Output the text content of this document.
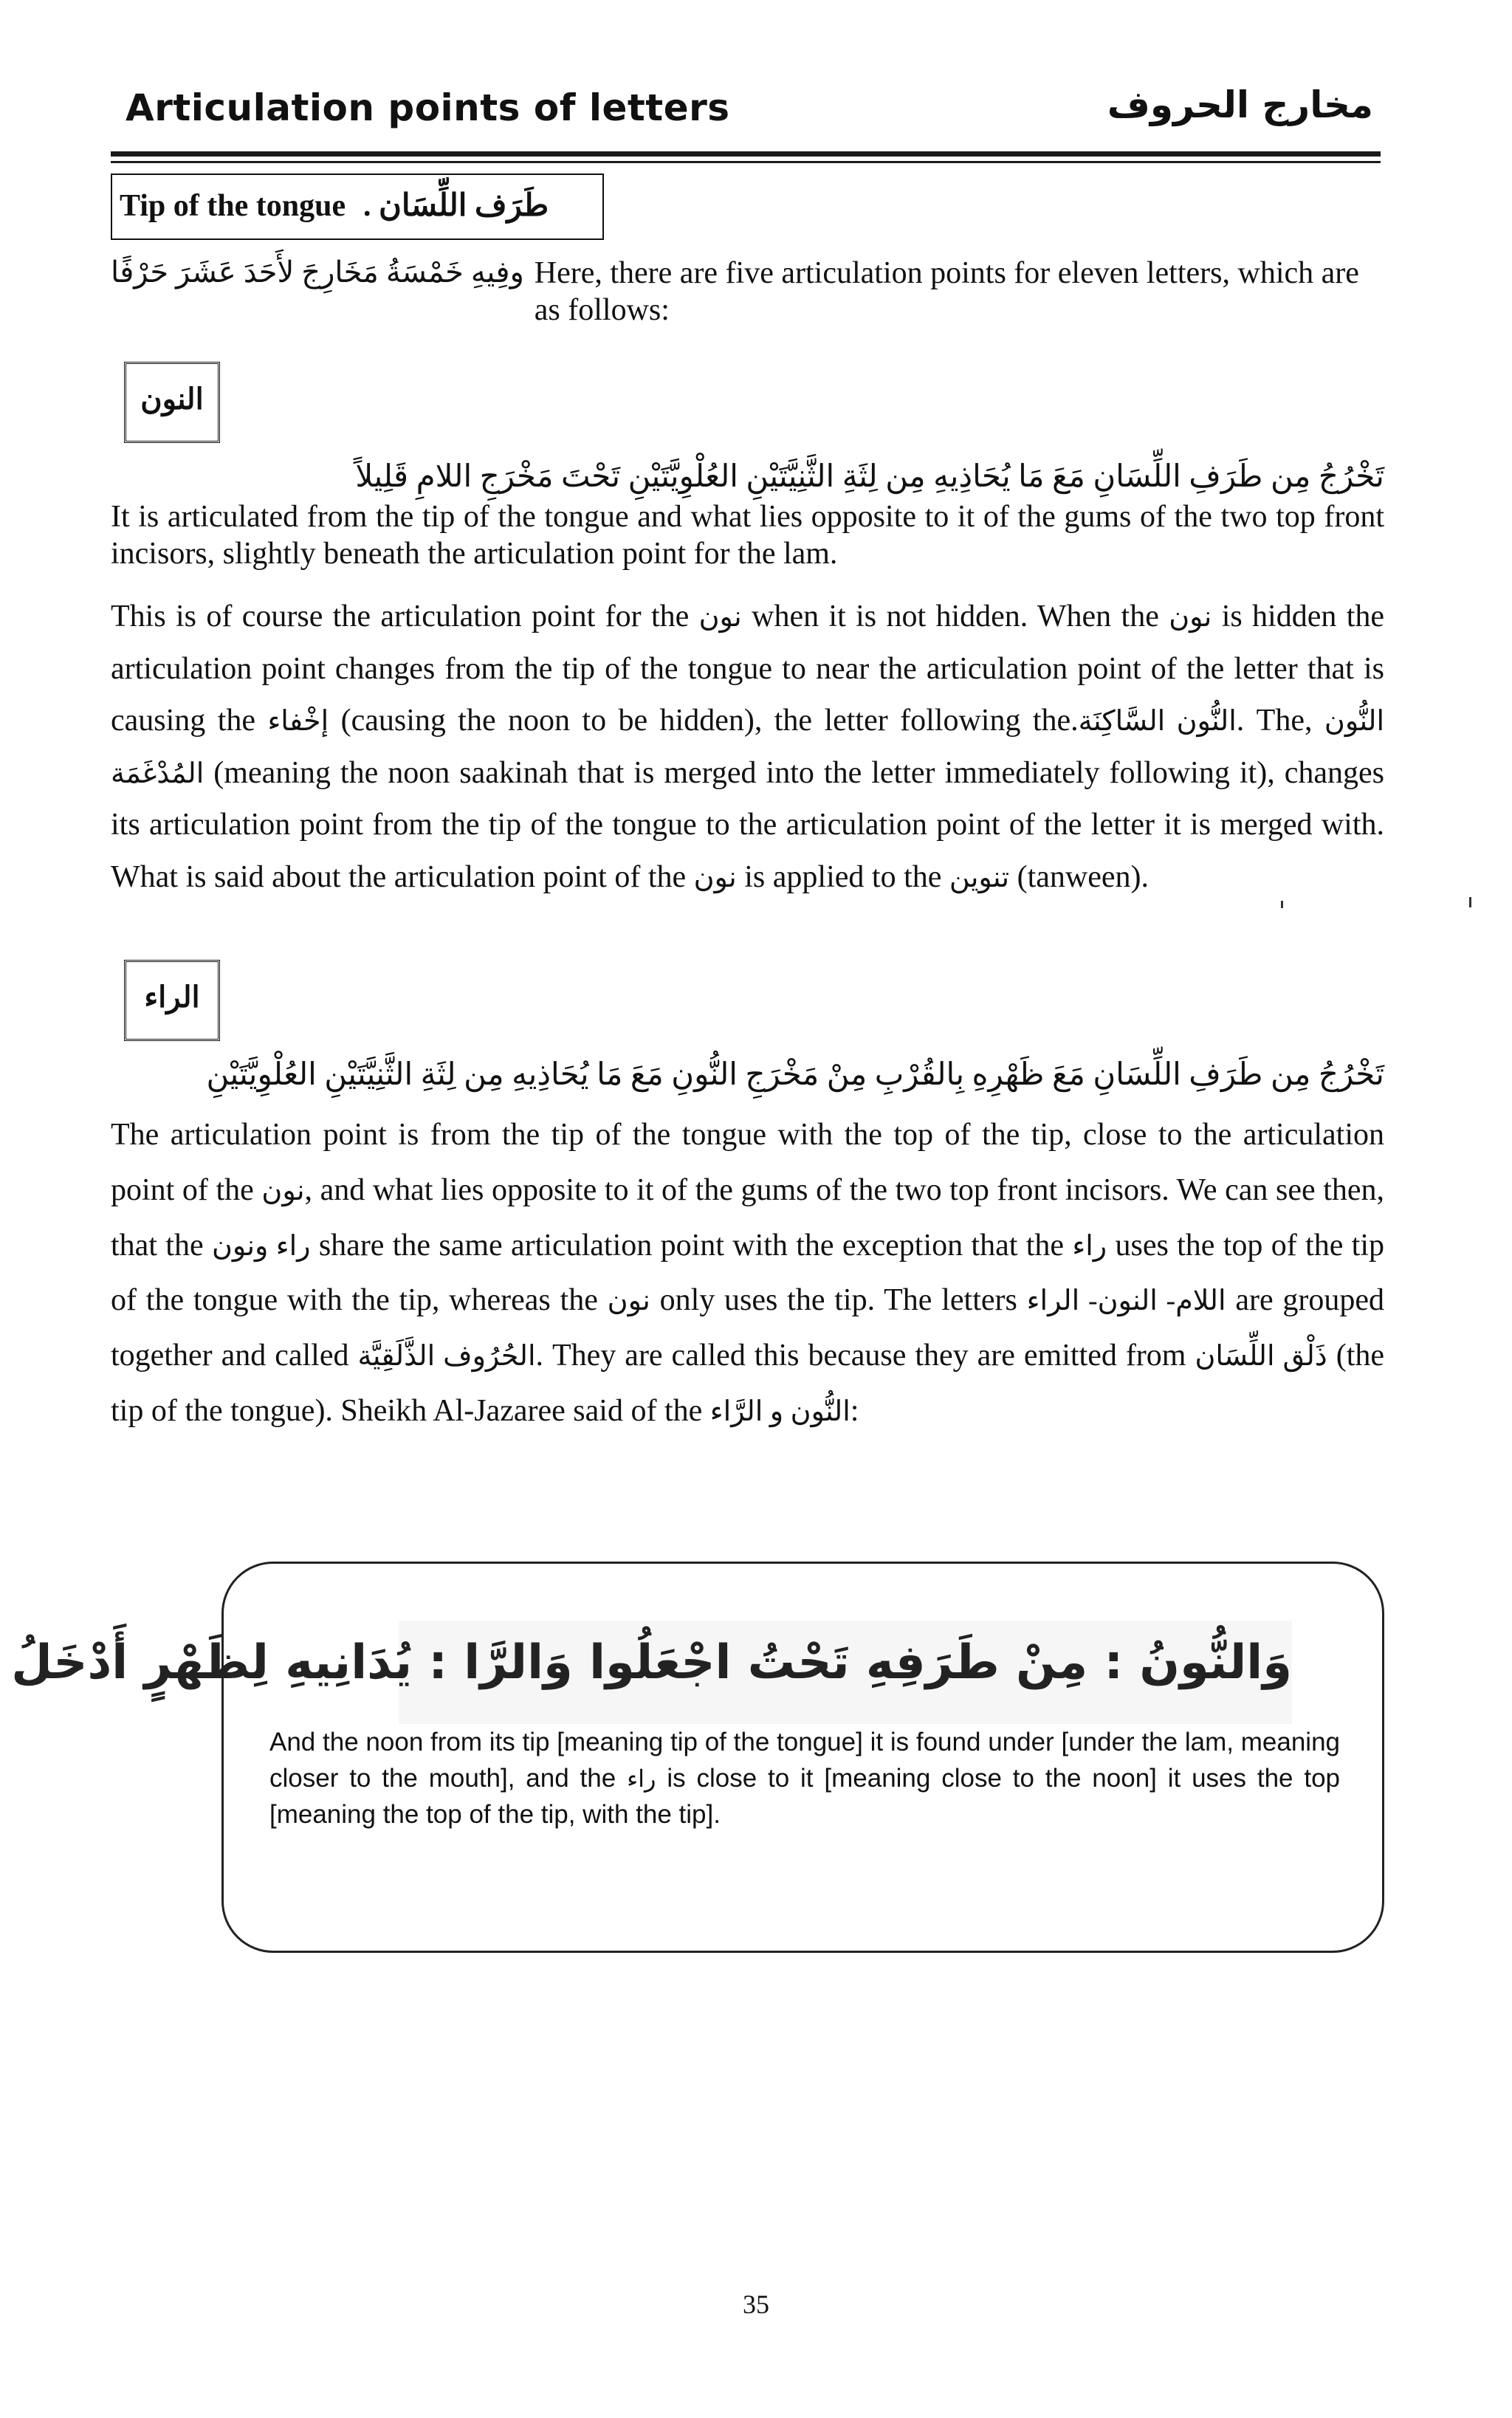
Articulation points of letters	مخارج الحروف
Tip of the tongue طَرَف اللِّسَان .
وفِيهِ خَمْسَةُ مَخَارِجَ لأَحَدَ عَشَرَ حَرْفًا Here, there are five articulation points for eleven letters, which are as follows:
النون
تَخْرُجُ مِن طَرَفِ اللِّسَانِ مَعَ مَا يُحَاذِيهِ مِن لِثَةِ الثَّنِيَّتَيْنِ العُلْوِيَّتَيْنِ تَحْتَ مَخْرَجِ اللامِ قَلِيلاً
It is articulated from the tip of the tongue and what lies opposite to it of the gums of the two top front incisors, slightly beneath the articulation point for the lam.
This is of course the articulation point for the نون when it is not hidden. When the نون is hidden the articulation point changes from the tip of the tongue to near the articulation point of the letter that is causing the إخْفاء (causing the noon to be hidden), the letter following the.النُّون السَّاكِنَة. The, النُّون المُدْغَمَة (meaning the noon saakinah that is merged into the letter immediately following it), changes its articulation point from the tip of the tongue to the articulation point of the letter it is merged with. What is said about the articulation point of the نون is applied to the تنوين (tanween).
الراء
تَخْرُجُ مِن طَرَفِ اللِّسَانِ مَعَ ظَهْرِهِ بِالقُرْبِ مِنْ مَخْرَجِ النُّونِ مَعَ مَا يُحَاذِيهِ مِن لِثَةِ الثَّنِيَّتَيْنِ العُلْوِيَّتَيْنِ
The articulation point is from the tip of the tongue with the top of the tip, close to the articulation point of the نون, and what lies opposite to it of the gums of the two top front incisors. We can see then, that the راء ونون share the same articulation point with the exception that the راء uses the top of the tip of the tongue with the tip, whereas the نون only uses the tip. The letters اللام- النون- الراء are grouped together and called الحُرُوف الذَّلَقِيَّة. They are called this because they are emitted from ذَلْق اللِّسَان (the tip of the tongue). Sheikh Al-Jazaree said of the النُّون و الرَّاء:
وَالنُّونُ : مِنْ طَرَفِهِ تَحْتُ اجْعَلُوا وَالرَّا : يُدَانِيهِ لِظَهْرٍ أَدْخَلُ
And the noon from its tip [meaning tip of the tongue] it is found under [under the lam, meaning closer to the mouth], and the راء is close to it [meaning close to the noon] it uses the top [meaning the top of the tip, with the tip].
35
